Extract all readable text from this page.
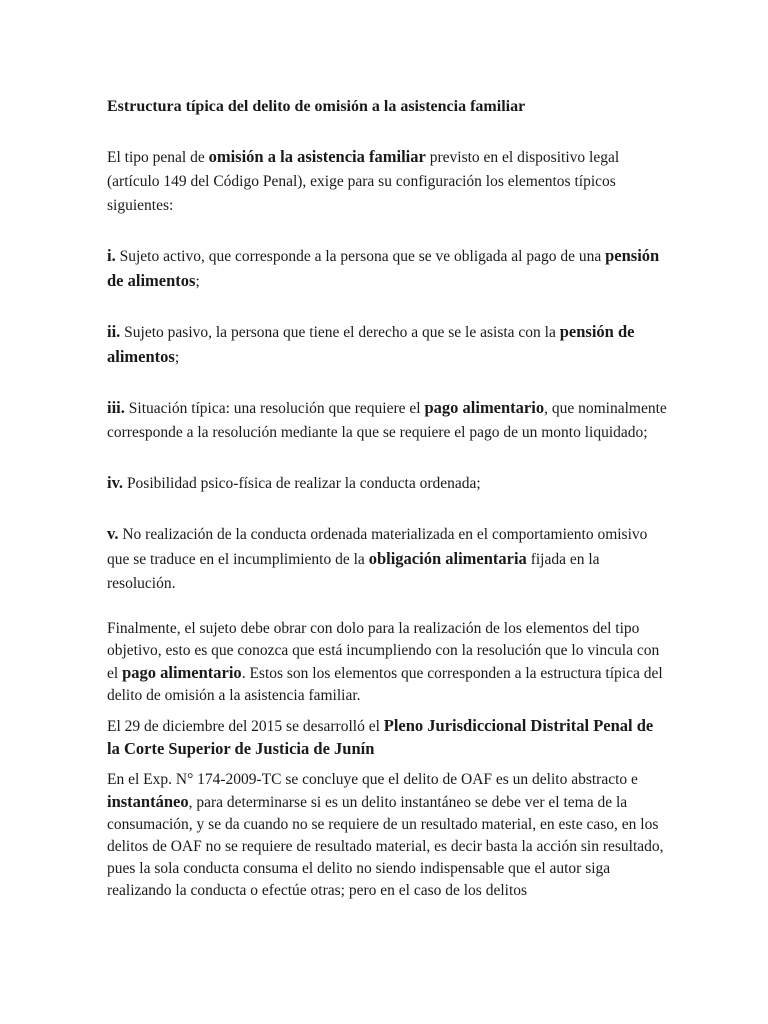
Estructura típica del delito de omisión a la asistencia familiar

El tipo penal de omisión a la asistencia familiar previsto en el dispositivo legal (artículo 149 del Código Penal), exige para su configuración los elementos típicos siguientes:

i. Sujeto activo, que corresponde a la persona que se ve obligada al pago de una pensión de alimentos;

ii. Sujeto pasivo, la persona que tiene el derecho a que se le asista con la pensión de alimentos;

iii. Situación típica: una resolución que requiere el pago alimentario, que nominalmente corresponde a la resolución mediante la que se requiere el pago de un monto liquidado;

iv. Posibilidad psico-física de realizar la conducta ordenada;

v. No realización de la conducta ordenada materializada en el comportamiento omisivo que se traduce en el incumplimiento de la obligación alimentaria fijada en la resolución.

Finalmente, el sujeto debe obrar con dolo para la realización de los elementos del tipo objetivo, esto es que conozca que está incumpliendo con la resolución que lo vincula con el pago alimentario. Estos son los elementos que corresponden a la estructura típica del delito de omisión a la asistencia familiar.

El 29 de diciembre del 2015 se desarrolló el Pleno Jurisdiccional Distrital Penal de la Corte Superior de Justicia de Junín

En el Exp. N° 174-2009-TC se concluye que el delito de OAF es un delito abstracto e instantáneo, para determinarse si es un delito instantáneo se debe ver el tema de la consumación, y se da cuando no se requiere de un resultado material, en este caso, en los delitos de OAF no se requiere de resultado material, es decir basta la acción sin resultado, pues la sola conducta consuma el delito no siendo indispensable que el autor siga realizando la conducta o efectúe otras; pero en el caso de los delitos
